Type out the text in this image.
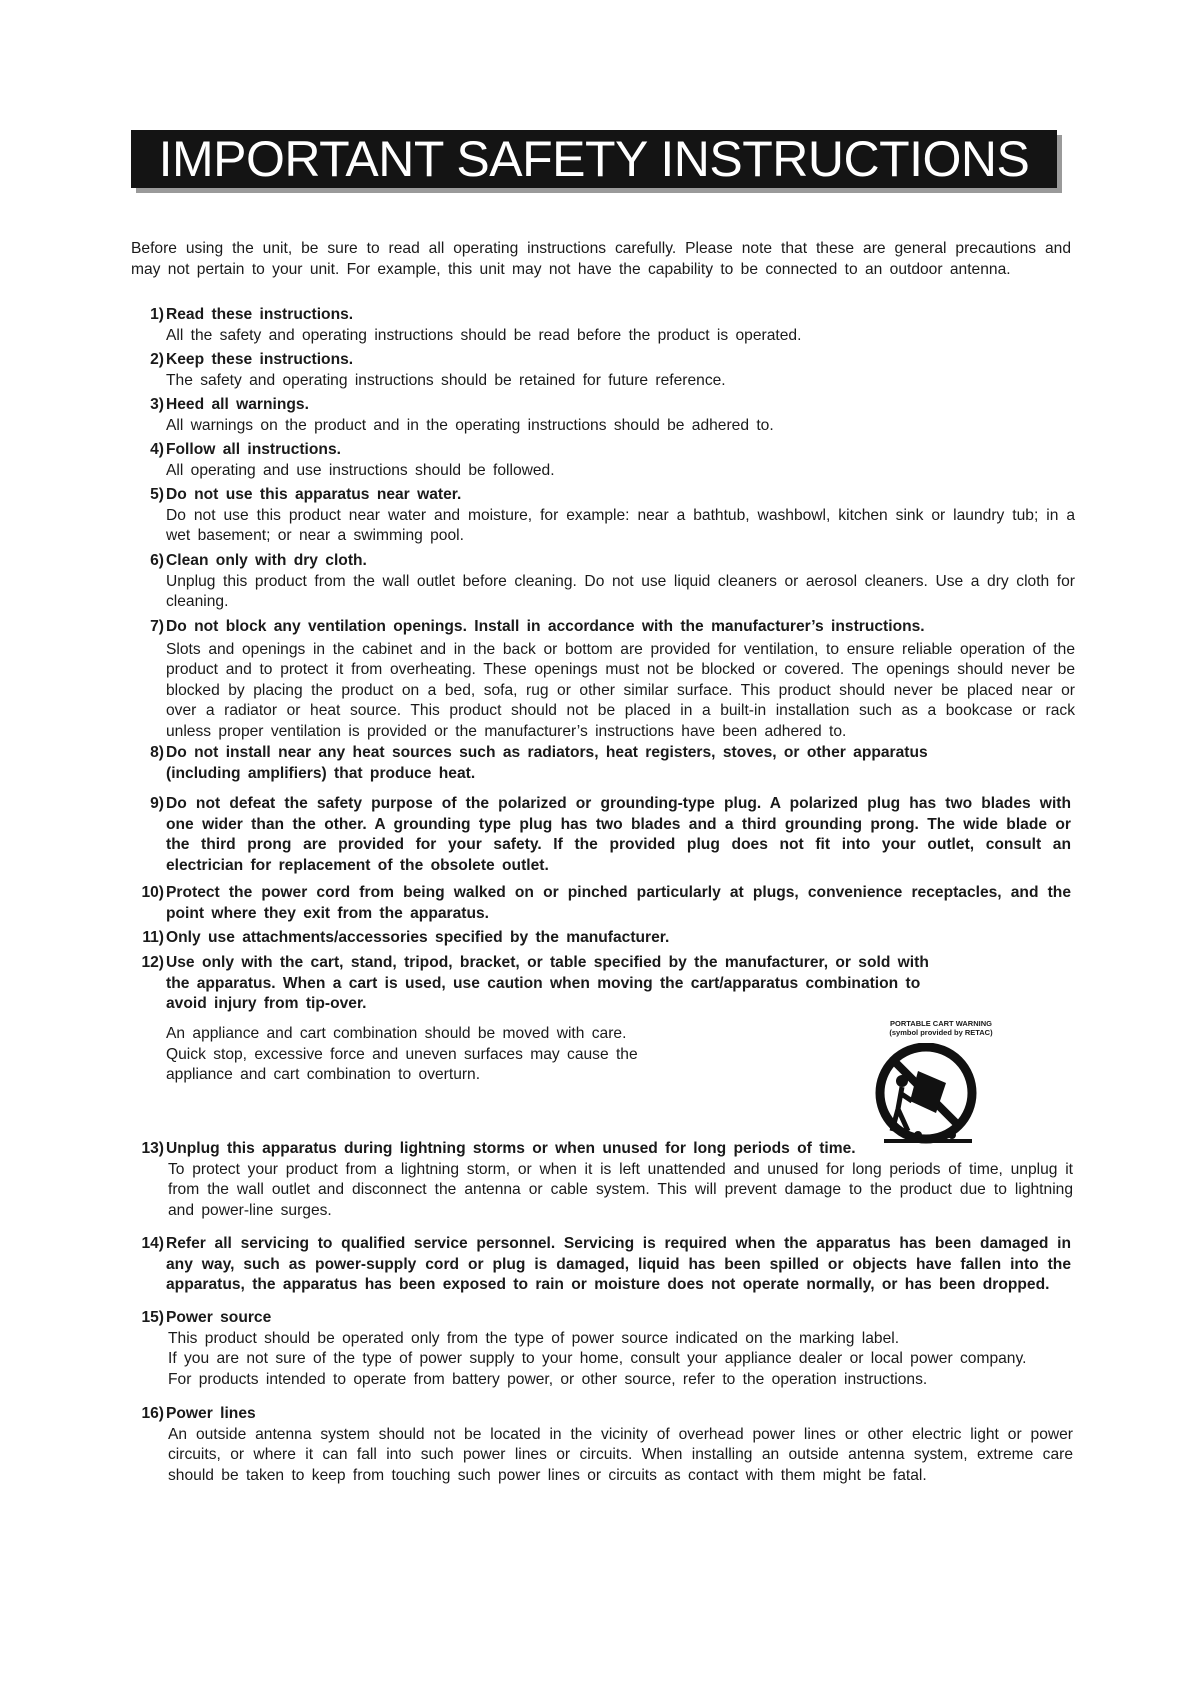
IMPORTANT SAFETY INSTRUCTIONS
Before using the unit, be sure to read all operating instructions carefully. Please note that these are general precautions and may not pertain to your unit. For example, this unit may not have the capability to be connected to an outdoor antenna.
1) Read these instructions.
All the safety and operating instructions should be read before the product is operated.
2) Keep these instructions.
The safety and operating instructions should be retained for future reference.
3) Heed all warnings.
All warnings on the product and in the operating instructions should be adhered to.
4) Follow all instructions.
All operating and use instructions should be followed.
5) Do not use this apparatus near water.
Do not use this product near water and moisture, for example: near a bathtub, washbowl, kitchen sink or laundry tub; in a wet basement; or near a swimming pool.
6) Clean only with dry cloth.
Unplug this product from the wall outlet before cleaning. Do not use liquid cleaners or aerosol cleaners. Use a dry cloth for cleaning.
7) Do not block any ventilation openings. Install in accordance with the manufacturer’s instructions.
Slots and openings in the cabinet and in the back or bottom are provided for ventilation, to ensure reliable operation of the product and to protect it from overheating. These openings must not be blocked or covered. The openings should never be blocked by placing the product on a bed, sofa, rug or other similar surface. This product should never be placed near or over a radiator or heat source. This product should not be placed in a built-in installation such as a bookcase or rack unless proper ventilation is provided or the manufacturer’s instructions have been adhered to.
8) Do not install near any heat sources such as radiators, heat registers, stoves, or other apparatus (including amplifiers) that produce heat.
9) Do not defeat the safety purpose of the polarized or grounding-type plug. A polarized plug has two blades with one wider than the other. A grounding type plug has two blades and a third grounding prong. The wide blade or the third prong are provided for your safety. If the provided plug does not fit into your outlet, consult an electrician for replacement of the obsolete outlet.
10) Protect the power cord from being walked on or pinched particularly at plugs, convenience receptacles, and the point where they exit from the apparatus.
11) Only use attachments/accessories specified by the manufacturer.
12) Use only with the cart, stand, tripod, bracket, or table specified by the manufacturer, or sold with the apparatus. When a cart is used, use caution when moving the cart/apparatus combination to avoid injury from tip-over.
An appliance and cart combination should be moved with care. Quick stop, excessive force and uneven surfaces may cause the appliance and cart combination to overturn.
PORTABLE CART WARNING
(symbol provided by RETAC)
13) Unplug this apparatus during lightning storms or when unused for long periods of time.
To protect your product from a lightning storm, or when it is left unattended and unused for long periods of time, unplug it from the wall outlet and disconnect the antenna or cable system. This will prevent damage to the product due to lightning and power-line surges.
14) Refer all servicing to qualified service personnel. Servicing is required when the apparatus has been damaged in any way, such as power-supply cord or plug is damaged, liquid has been spilled or objects have fallen into the apparatus, the apparatus has been exposed to rain or moisture does not operate normally, or has been dropped.
15) Power source
This product should be operated only from the type of power source indicated on the marking label.
If you are not sure of the type of power supply to your home, consult your appliance dealer or local power company.
For products intended to operate from battery power, or other source, refer to the operation instructions.
16) Power lines
An outside antenna system should not be located in the vicinity of overhead power lines or other electric light or power circuits, or where it can fall into such power lines or circuits. When installing an outside antenna system, extreme care should be taken to keep from touching such power lines or circuits as contact with them might be fatal.
